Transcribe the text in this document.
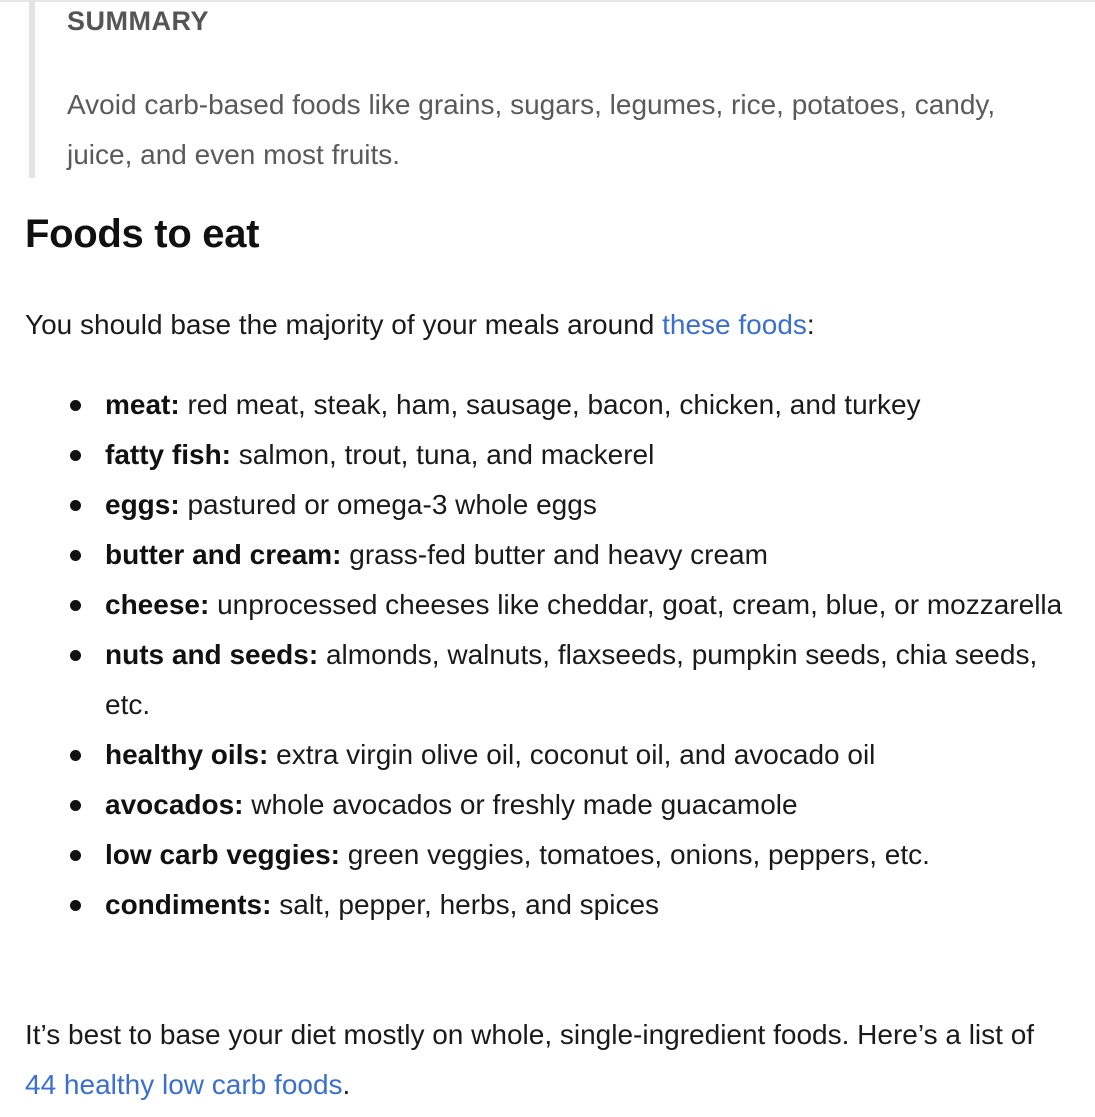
SUMMARY

Avoid carb-based foods like grains, sugars, legumes, rice, potatoes, candy, juice, and even most fruits.

Foods to eat

You should base the majority of your meals around these foods:

meat: red meat, steak, ham, sausage, bacon, chicken, and turkey
fatty fish: salmon, trout, tuna, and mackerel
eggs: pastured or omega-3 whole eggs
butter and cream: grass-fed butter and heavy cream
cheese: unprocessed cheeses like cheddar, goat, cream, blue, or mozzarella
nuts and seeds: almonds, walnuts, flaxseeds, pumpkin seeds, chia seeds, etc.
healthy oils: extra virgin olive oil, coconut oil, and avocado oil
avocados: whole avocados or freshly made guacamole
low carb veggies: green veggies, tomatoes, onions, peppers, etc.
condiments: salt, pepper, herbs, and spices

It’s best to base your diet mostly on whole, single-ingredient foods. Here’s a list of 44 healthy low carb foods.
